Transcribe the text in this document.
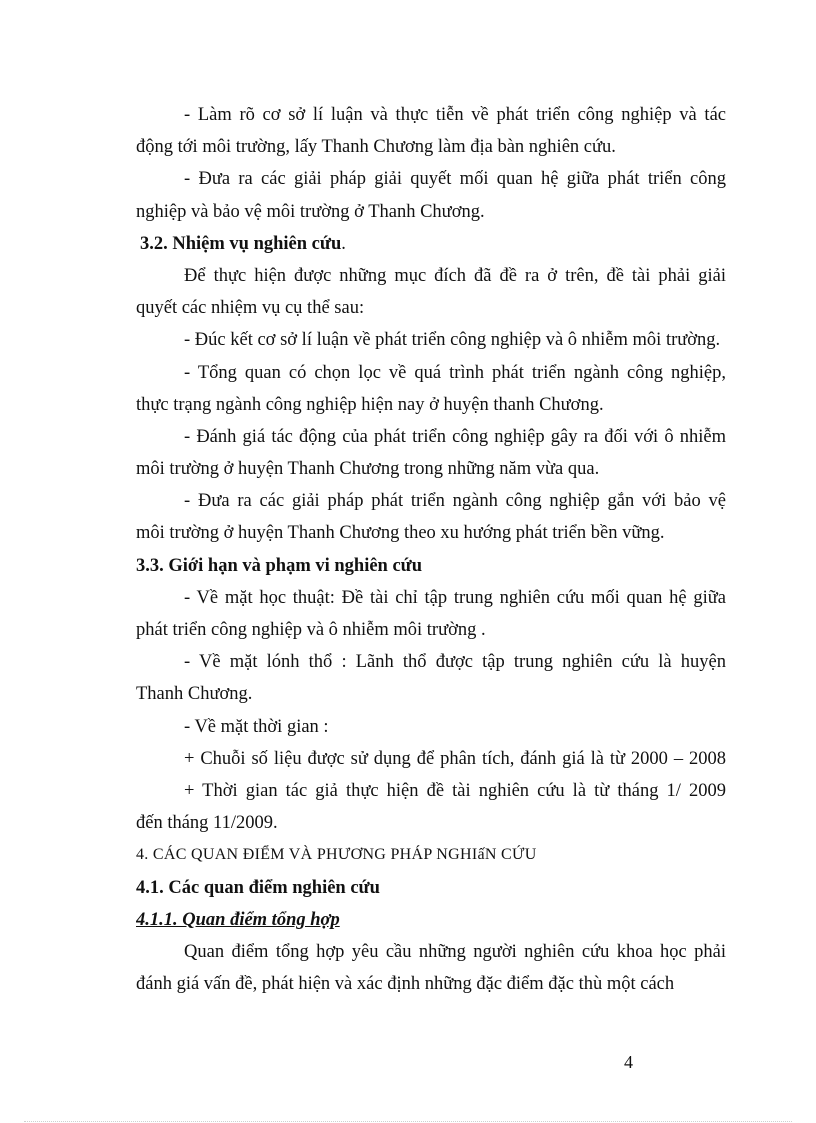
- Làm rõ cơ sở lí luận và thực tiễn về phát triển công nghiệp và tác
động tới môi trường, lấy Thanh Chương làm địa bàn nghiên cứu.
- Đưa ra các giải pháp giải quyết mối quan hệ giữa phát triển công
nghiệp và bảo vệ môi trường ở Thanh Chương.
3.2. Nhiệm vụ nghiên cứu.
Để thực hiện được những mục đích đã đề ra ở trên, đề tài phải giải
quyết các nhiệm vụ cụ thể sau:
- Đúc kết cơ sở lí luận về phát triển công nghiệp và ô nhiễm môi trường.
- Tổng quan có chọn lọc về quá trình phát triển ngành công nghiệp,
thực trạng ngành công nghiệp hiện nay ở huyện thanh Chương.
- Đánh giá tác động của phát triển công nghiệp gây ra đối với ô nhiễm
môi trường ở huyện Thanh Chương trong những năm vừa qua.
- Đưa ra các giải pháp phát triển ngành công nghiệp gắn với bảo vệ
môi trường ở huyện Thanh Chương theo xu hướng phát triển bền vững.
3.3. Giới hạn và phạm vi nghiên cứu
- Về mặt học thuật: Đề tài chỉ tập trung nghiên cứu mối quan hệ giữa
phát triển công nghiệp và ô nhiễm môi trường .
- Về mặt lónh thổ : Lãnh thổ được tập trung nghiên cứu là huyện
Thanh Chương.
- Về mặt thời gian :
+ Chuỗi số liệu được sử dụng để phân tích, đánh giá là từ 2000 – 2008
+ Thời gian tác giả thực hiện đề tài nghiên cứu là từ tháng 1/ 2009
đến tháng 11/2009.
4. CÁC QUAN ĐIỂM VÀ PHƯƠNG PHÁP NGHIấN CỨU
4.1. Các quan điểm nghiên cứu
4.1.1. Quan điểm tổng hợp
Quan điểm tổng hợp yêu cầu những người nghiên cứu khoa học phải
đánh giá vấn đề, phát hiện và xác định những đặc điểm đặc thù một cách
4
